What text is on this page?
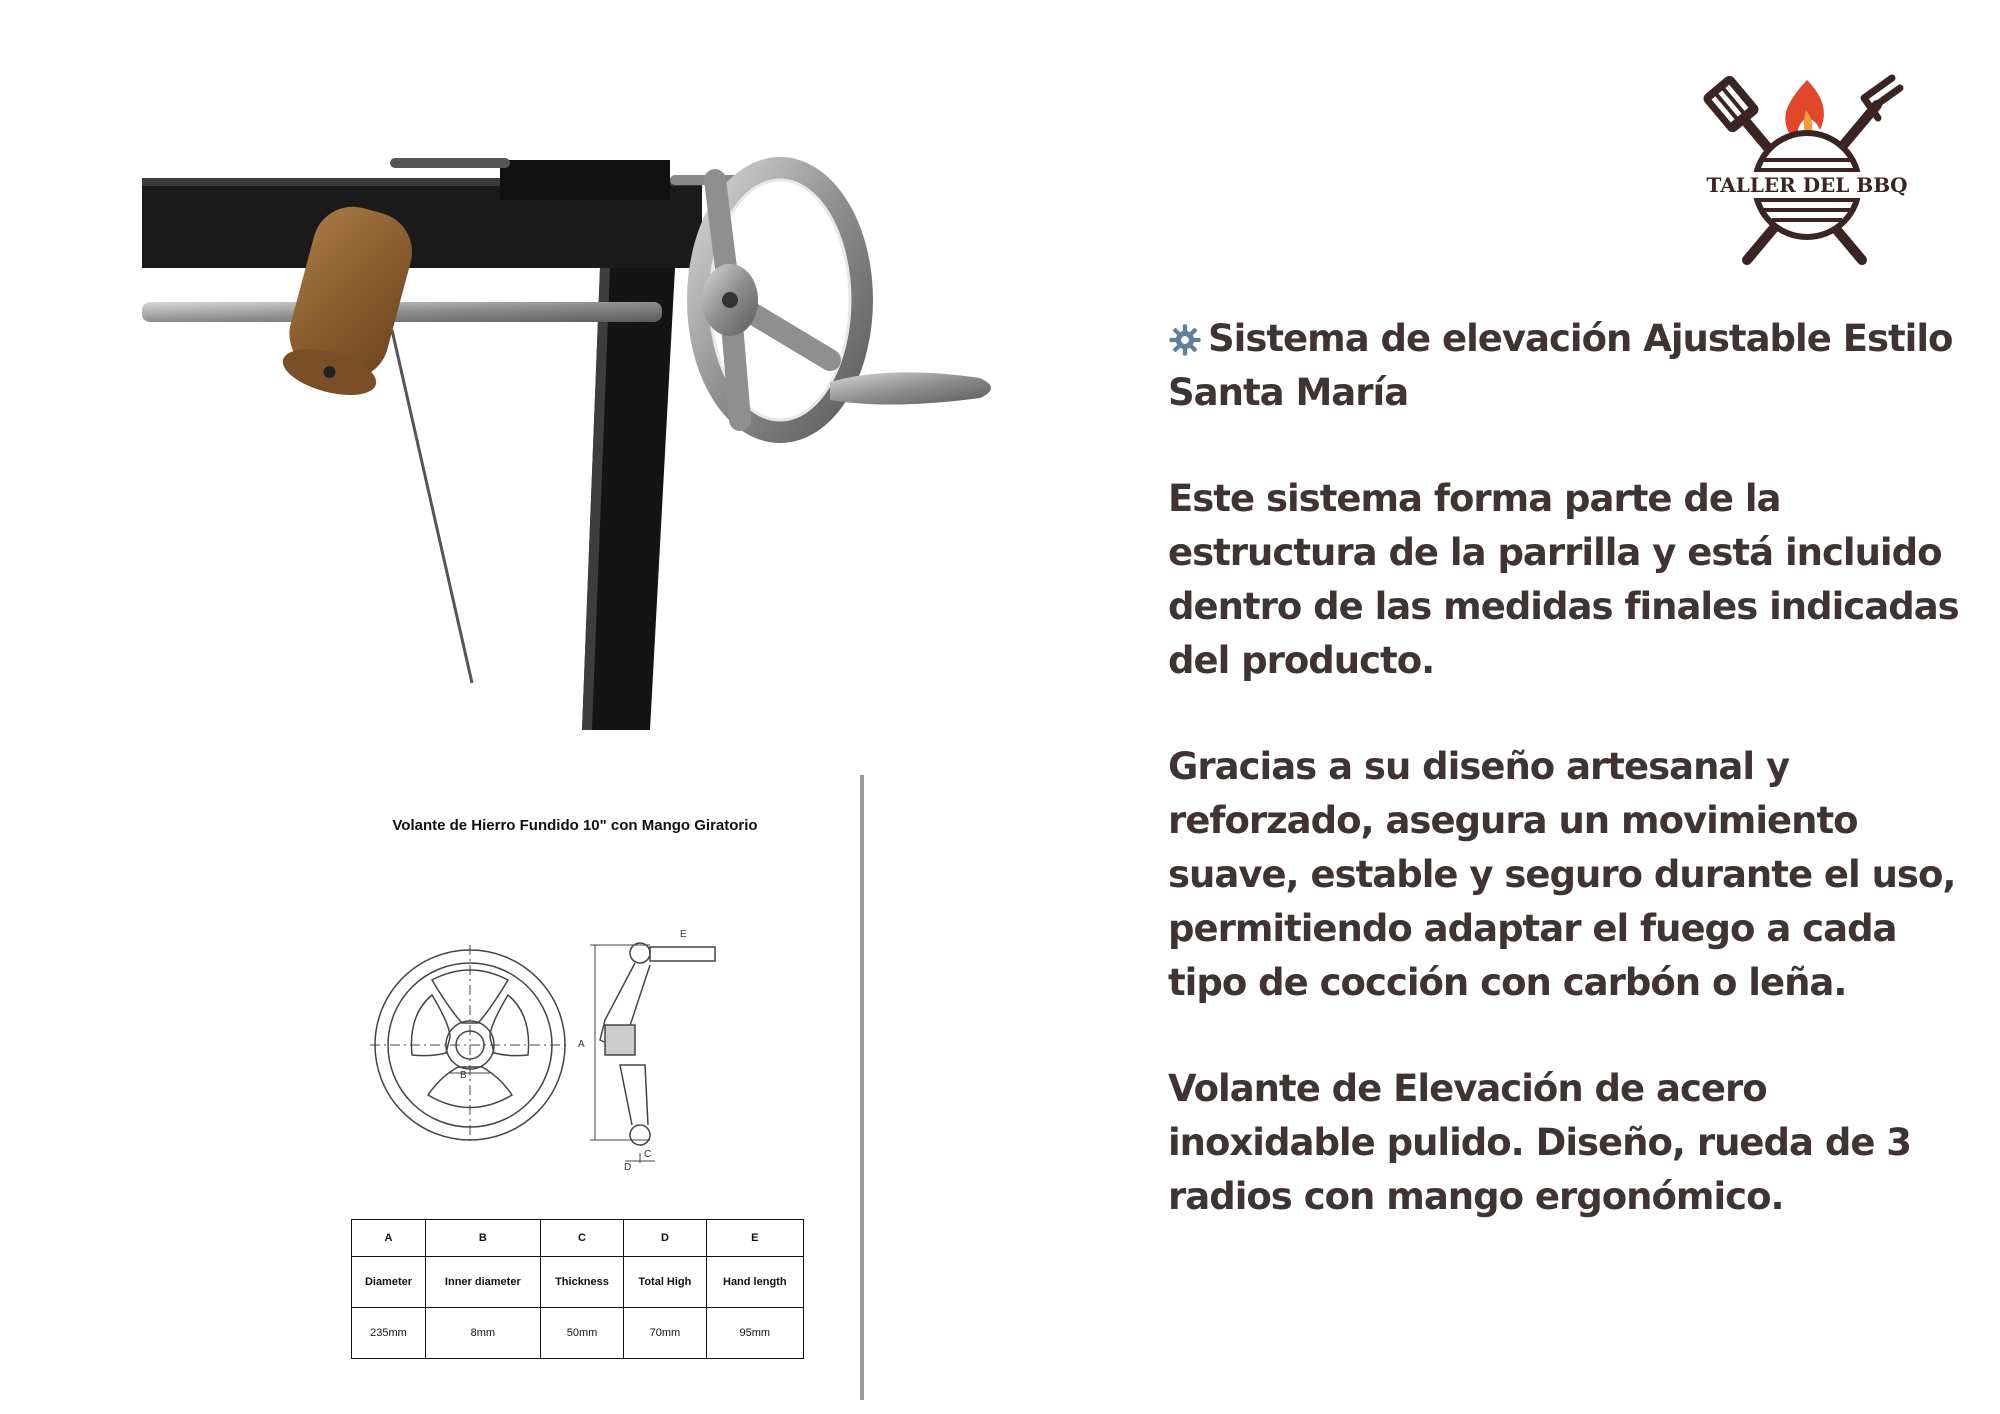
Volante de Hierro Fundido 10" con Mango Giratorio
B
A
E
C
D
A	B	C	D	E
Diameter	Inner diameter	Thickness	Total High	Hand length
235mm	8mm	50mm	70mm	95mm
TALLER DEL BBQ

Sistema de elevación Ajustable Estilo Santa María

Este sistema forma parte de la estructura de la parrilla y está incluido dentro de las medidas finales indicadas del producto.

Gracias a su diseño artesanal y reforzado, asegura un movimiento suave, estable y seguro durante el uso, permitiendo adaptar el fuego a cada tipo de cocción con carbón o leña.

Volante de Elevación de acero inoxidable pulido. Diseño, rueda de 3 radios con mango ergonómico.
